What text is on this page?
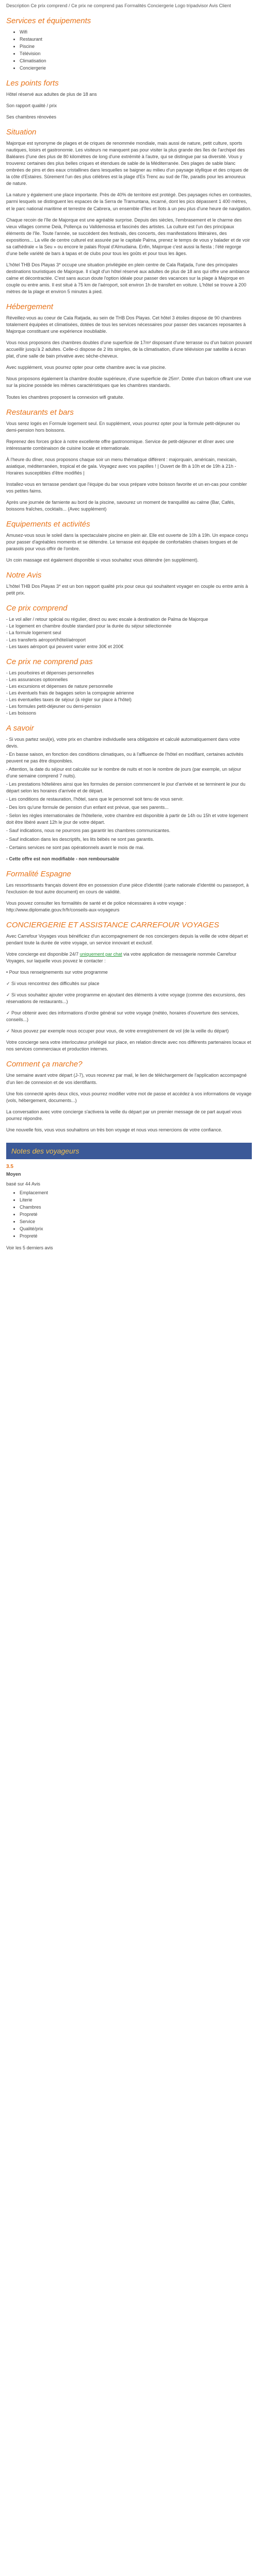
Description Ce prix comprend / Ce prix ne comprend pas Formalités Conciergerie Logo tripadvisor Avis Client

Services et équipements
• Wifi
• Restaurant
• Piscine
• Télévision
• Climatisation
• Conciergerie
Les points forts

Hôtel réservé aux adultes de plus de 18 ans

Son rapport qualité / prix

Ses chambres rénovées

Situation

Majorque est synonyme de plages et de criques de renommée mondiale, mais aussi de nature, petit culture, sports nautiques, loisirs et gastronomie. Les visiteurs ne manquent pas pour visiter la plus grande des îles de l'archipel des Baléares (l'une des plus de 80 kilomètres de long d'une extrémité à l'autre, qui se distingue par sa diversité. Vous y trouverez certaines des plus belles criques et étendues de sable de la Méditerranée. Des plages de sable blanc ombrées de pins et des eaux cristallines dans lesquelles se baigner au milieu d'un paysage idyllique et des criques de la côte d'Estaires. Sûrement l'un des plus célèbres est la plage d'Es Trenc au sud de l'île, paradis pour les amoureux de nature.

La nature y également une place importante. Près de 40% de territoire est protégé. Des paysages riches en contrastes, parmi lesquels se distinguent les espaces de la Serra de Tramuntana, incarné, dont les pics dépassent 1 400 mètres, et le parc national maritime et terrestre de Cabrera, un ensemble d'îles et îlots à un peu plus d'une heure de navigation.

Chaque recoin de l'île de Majorque est une agréable surprise. Depuis des siècles, l'embrasement et le charme des vieux villages comme Deià, Pollença ou Valldemossa et fascinés des artistes. La culture est l'un des principaux éléments de l'île. Toute l'année, se succèdent des festivals, des concerts, des manifestations littéraires, des expositions... La ville de centre culturel est assurée par le capitale Palma, prenez le temps de vous y balader et de voir sa cathédrale « la Seu » ou encore le palais Royal d'Almudaina. Enfin, Majorque c'est aussi la fiesta ; l'été regorge d'une belle variété de bars à tapas et de clubs pour tous les goûts et pour tous les âges.

L'hôtel THB Dos Playas 3* occupe une situation privilégiée en plein centre de Cala Ratjada, l'une des principales destinations touristiques de Majorque. Il s'agit d'un hôtel réservé aux adultes de plus de 18 ans qui offre une ambiance calme et décontractée. C'est sans aucun doute l'option idéale pour passer des vacances sur la plage à Majorque en couple ou entre amis. Il est situé à 75 km de l'aéroport, soit environ 1h de transfert en voiture. L'hôtel se trouve à 200 mètres de la plage et environ 5 minutes à pied.

Hébergement

Réveillez-vous au coeur de Cala Ratjada, au sein de THB Dos Playas. Cet hôtel 3 étoiles dispose de 90 chambres totalement équipées et climatisées, dotées de tous les services nécessaires pour passer des vacances reposantes à Majorque constituant une expérience inoubliable.

Vous nous proposons des chambres doubles d'une superficie de 17m² disposant d'une terrasse ou d'un balcon pouvant accueillir jusqu'à 2 adultes. Celle-ci dispose de 2 lits simples, de la climatisation, d'une télévision par satellite à écran plat, d'une salle de bain privative avec sèche-cheveux.

Avec supplément, vous pourrez opter pour cette chambre avec la vue piscine.

Nous proposons également la chambre double supérieure, d'une superficie de 25m². Dotée d'un balcon offrant une vue sur la piscine possède les mêmes caractéristiques que les chambres standards.

Toutes les chambres proposent la connexion wifi gratuite.

Restaurants et bars

Vous serez logés en Formule logement seul. En supplément, vous pourrez opter pour la formule petit-déjeuner ou demi-pension hors boissons.

Reprenez des forces grâce à notre excellente offre gastronomique. Service de petit-déjeuner et dîner avec une intéressante combinaison de cuisine locale et internationale.

À l'heure du dîner, nous proposons chaque soir un menu thématique différent : majorquain, américain, mexicain, asiatique, méditerranéen, tropical et de gala. Voyagez avec vos papilles ! | Ouvert de 8h à 10h et de 19h à 21h - Horaires susceptibles d'être modifiés |

Installez-vous en terrasse pendant que l'équipe du bar vous prépare votre boisson favorite et un en-cas pour combler vos petites faims.

Après une journée de farniente au bord de la piscine, savourez un moment de tranquillité au calme (Bar, Cafés, boissons fraîches, cocktails... (Avec supplément)

Equipements et activités

Amusez-vous sous le soleil dans la spectaculaire piscine en plein air. Elle est ouverte de 10h à 19h. Un espace conçu pour passer d'agréables moments et se détendre. Le terrasse est équipée de confortables chaises longues et de parasols pour vous offrir de l'ombre.

Un coin massage est également disponible si vous souhaitez vous détendre (en supplément).

Notre Avis

L'hôtel THB Dos Playas 3* est un bon rapport qualité prix pour ceux qui souhaitent voyager en couple ou entre amis à petit prix.

Ce prix comprend

- Le vol aller / retour spécial ou régulier, direct ou avec escale à destination de Palma de Majorque

- Le logement en chambre double standard pour la durée du séjour sélectionnée

- La formule logement seul

- Les transferts aéroport/hôtel/aéroport

- Les taxes aéroport qui peuvent varier entre 30€ et 200€

Ce prix ne comprend pas

- Les pourboires et dépenses personnelles

- Les assurances optionnelles

- Les excursions et dépenses de nature personnelle

- Les éventuels frais de bagages selon la compagnie aérienne

- Les éventuelles taxes de séjour (à régler sur place à l'hôtel)

- Les formules petit-déjeuner ou demi-pension

- Les boissons

A savoir

- Si vous partez seul(e), votre prix en chambre individuelle sera obligatoire et calculé automatiquement dans votre devis.

- En basse saison, en fonction des conditions climatiques, ou à l'affluence de l'hôtel en modifiant, certaines activités peuvent ne pas être disponibles.

- Attention, la date du séjour est calculée sur le nombre de nuits et non le nombre de jours (par exemple, un séjour d'une semaine comprend 7 nuits).

- Les prestations hôtelières ainsi que les formules de pension commencent le jour d'arrivée et se terminent le jour du départ selon les horaires d'arrivée et de départ.

- Les conditions de restauration, l'hôtel, sans que le personnel soit tenu de vous servir.

- Des lors qu'une formule de pension d'un enfant est prévue, que ses parents...

- Selon les règles internationales de l'hôtellerie, votre chambre est disponible à partir de 14h ou 15h et votre logement doit être libéré avant 12h le jour de votre départ.

- Sauf indications, nous ne pourrons pas garantir les chambres communicantes.

- Sauf indication dans les descriptifs, les lits bébés ne sont pas garantis.

- Certains services ne sont pas opérationnels avant le mois de mai.

- Cette offre est non modifiable - non remboursable

Formalité Espagne

Les ressortissants français doivent être en possession d'une pièce d'identité (carte nationale d'identité ou passeport, à l'exclusion de tout autre document) en cours de validité.

Vous pouvez consulter les formalités de santé et de police nécessaires à votre voyage : http://www.diplomatie.gouv.fr/fr/conseils-aux-voyageurs

CONCIERGERIE ET ASSISTANCE CARREFOUR VOYAGES

Avec Carrefour Voyages vous bénéficiez d'un accompagnement de nos conciergers depuis la veille de votre départ et pendant toute la durée de votre voyage, un service innovant et exclusif.

Votre concierge est disponible 24/7 uniquement par chat via votre application de messagerie nommée Carrefour Voyages, sur laquelle vous pouvez le contacter :

• Pour tous renseignements sur votre programme

✓ Si vous rencontrez des difficultés sur place

✓ Si vous souhaitez ajouter votre programme en ajoutant des éléments à votre voyage (comme des excursions, des réservations de restaurants...)

✓ Pour obtenir avec des informations d'ordre général sur votre voyage (météo, horaires d'ouverture des services, conseils...)

✓ Nous pouvez par exemple nous occuper pour vous, de votre enregistrement de vol (de la veille du départ)

Votre concierge sera votre interlocuteur privilégié sur place, en relation directe avec nos différents partenaires locaux et nos services commerciaux et production internes.

Comment ça marche?

Une semaine avant votre départ (J-7), vous recevrez par mail, le lien de téléchargement de l'application accompagné d'un lien de connexion et de vos identifiants.

Une fois connecté après deux clics, vous pourrez modifier votre mot de passe et accédez à vos informations de voyage (vols, hébergement, documents...)

La conversation avec votre concierge s'activera la veille du départ par un premier message de ce part auquel vous pourrez répondre.

Une nouvelle fois, vous vous souhaitons un très bon voyage et nous vous remercions de votre confiance.

Notes des voyageurs
3.5
Moyen

basé sur 44 Avis

• Emplacement
• Literie
• Chambres
• Propreté
• Service
• Qualité/prix
• Propreté

Voir les 5 derniers avis
